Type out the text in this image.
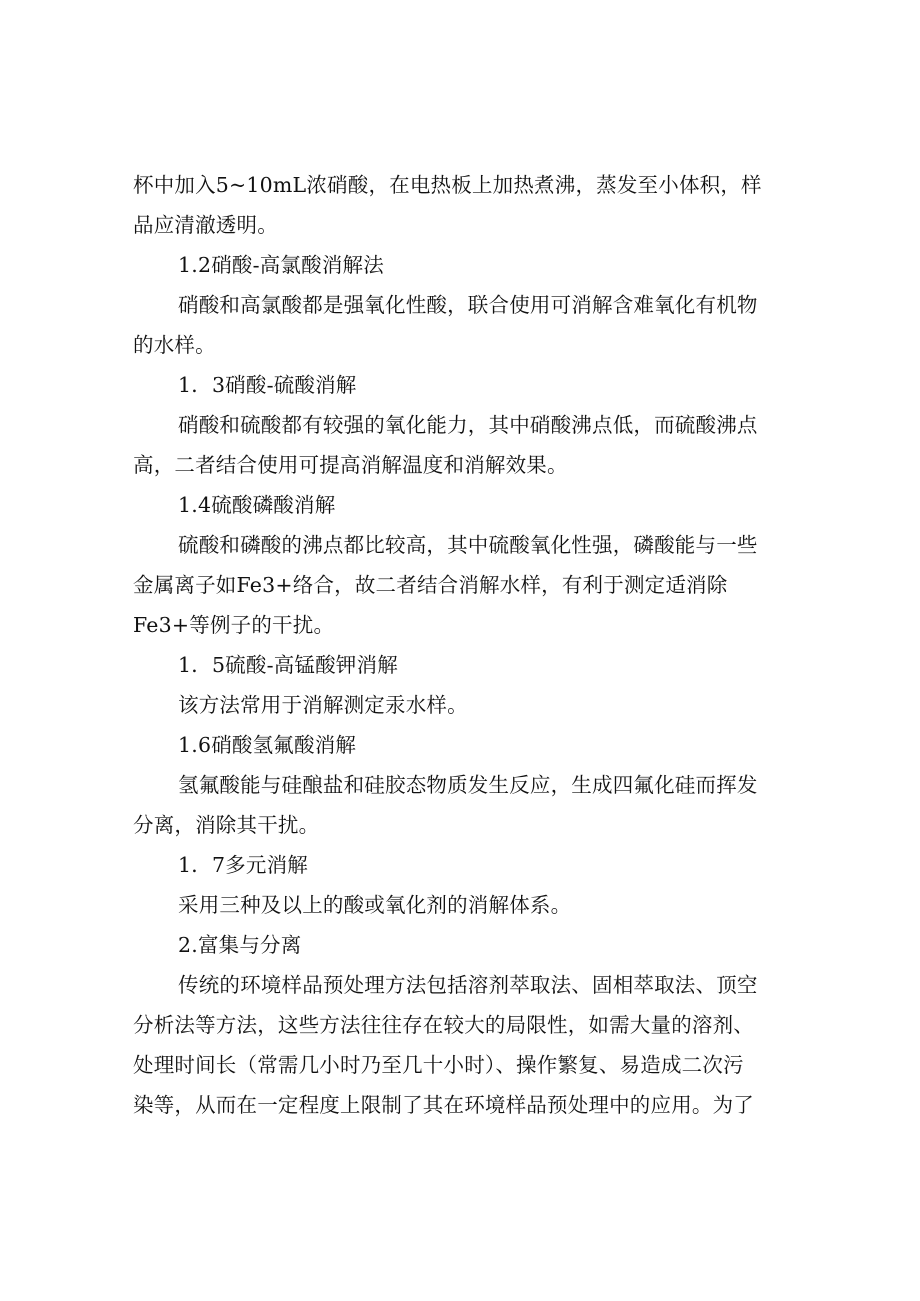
杯中加入5~10mL浓硝酸，在电热板上加热煮沸，蒸发至小体积，样
品应清澈透明。
1.2硝酸-高氯酸消解法
硝酸和高氯酸都是强氧化性酸，联合使用可消解含难氧化有机物
的水样。
1．3硝酸-硫酸消解
硝酸和硫酸都有较强的氧化能力，其中硝酸沸点低，而硫酸沸点
高，二者结合使用可提高消解温度和消解效果。
1.4硫酸磷酸消解
硫酸和磷酸的沸点都比较高，其中硫酸氧化性强，磷酸能与一些
金属离子如Fe3+络合，故二者结合消解水样，有利于测定适消除
Fe3+等例子的干扰。
1．5硫酸-高锰酸钾消解
该方法常用于消解测定汞水样。
1.6硝酸氢氟酸消解
氢氟酸能与硅酿盐和硅胶态物质发生反应，生成四氟化硅而挥发
分离，消除其干扰。
1．7多元消解
采用三种及以上的酸或氧化剂的消解体系。
2.富集与分离
传统的环境样品预处理方法包括溶剂萃取法、固相萃取法、顶空
分析法等方法，这些方法往往存在较大的局限性，如需大量的溶剂、
处理时间长（常需几小时乃至几十小时）、操作繁复、易造成二次污
染等，从而在一定程度上限制了其在环境样品预处理中的应用。为了
